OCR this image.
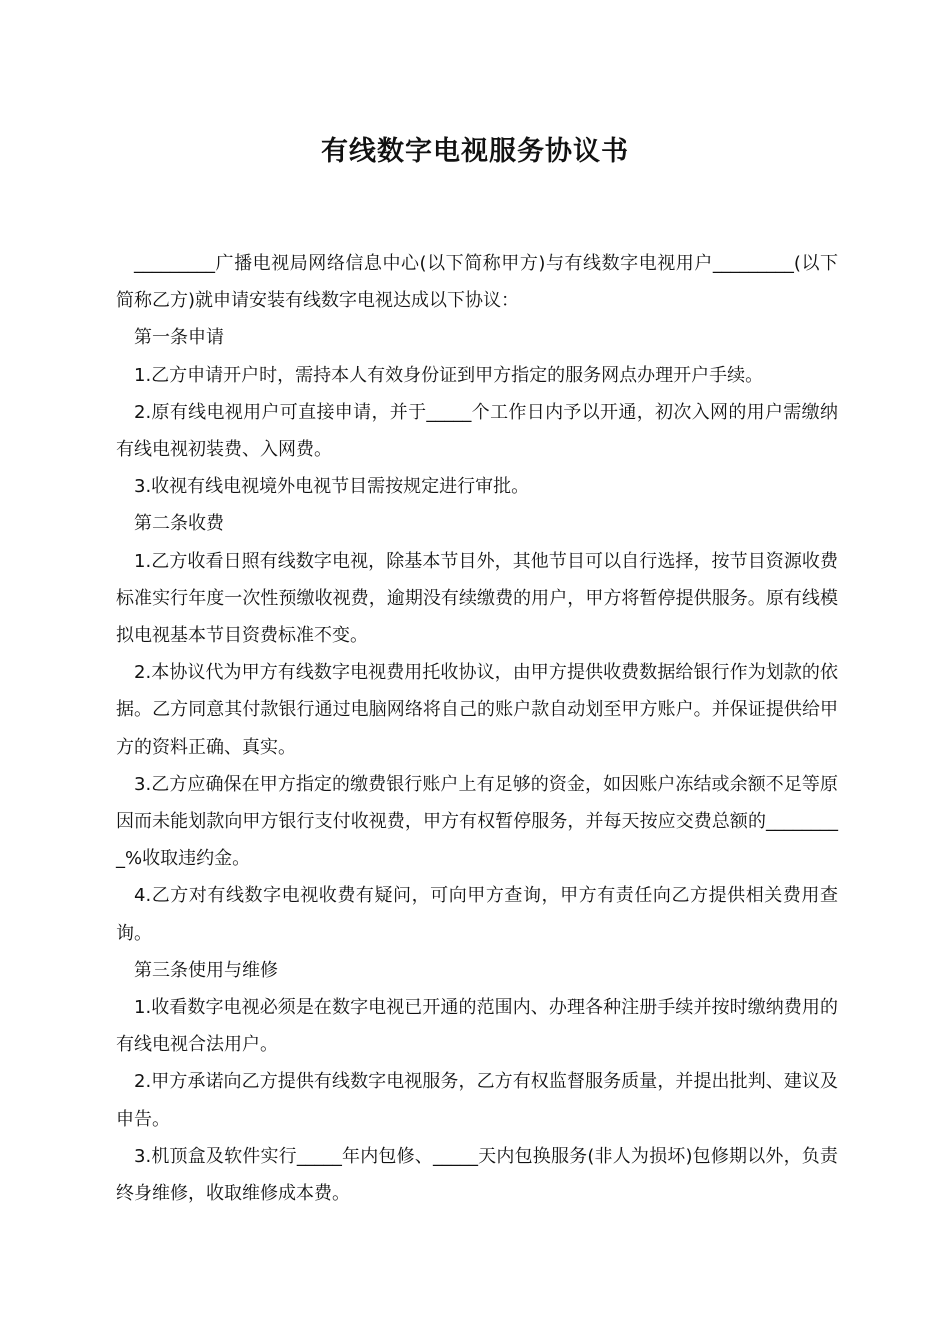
有线数字电视服务协议书

_________广播电视局网络信息中心(以下简称甲方)与有线数字电视用户_________(以下简称乙方)就申请安装有线数字电视达成以下协议：

第一条申请

1.乙方申请开户时，需持本人有效身份证到甲方指定的服务网点办理开户手续。

2.原有线电视用户可直接申请，并于_____个工作日内予以开通，初次入网的用户需缴纳有线电视初装费、入网费。

3.收视有线电视境外电视节目需按规定进行审批。

第二条收费

1.乙方收看日照有线数字电视，除基本节目外，其他节目可以自行选择，按节目资源收费标准实行年度一次性预缴收视费，逾期没有续缴费的用户，甲方将暂停提供服务。原有线模拟电视基本节目资费标准不变。

2.本协议代为甲方有线数字电视费用托收协议，由甲方提供收费数据给银行作为划款的依据。乙方同意其付款银行通过电脑网络将自己的账户款自动划至甲方账户。并保证提供给甲方的资料正确、真实。

3.乙方应确保在甲方指定的缴费银行账户上有足够的资金，如因账户冻结或余额不足等原因而未能划款向甲方银行支付收视费，甲方有权暂停服务，并每天按应交费总额的_________%收取违约金。

4.乙方对有线数字电视收费有疑问，可向甲方查询，甲方有责任向乙方提供相关费用查询。

第三条使用与维修

1.收看数字电视必须是在数字电视已开通的范围内、办理各种注册手续并按时缴纳费用的有线电视合法用户。

2.甲方承诺向乙方提供有线数字电视服务，乙方有权监督服务质量，并提出批判、建议及申告。

3.机顶盒及软件实行_____年内包修、_____天内包换服务(非人为损坏)包修期以外，负责终身维修，收取维修成本费。
